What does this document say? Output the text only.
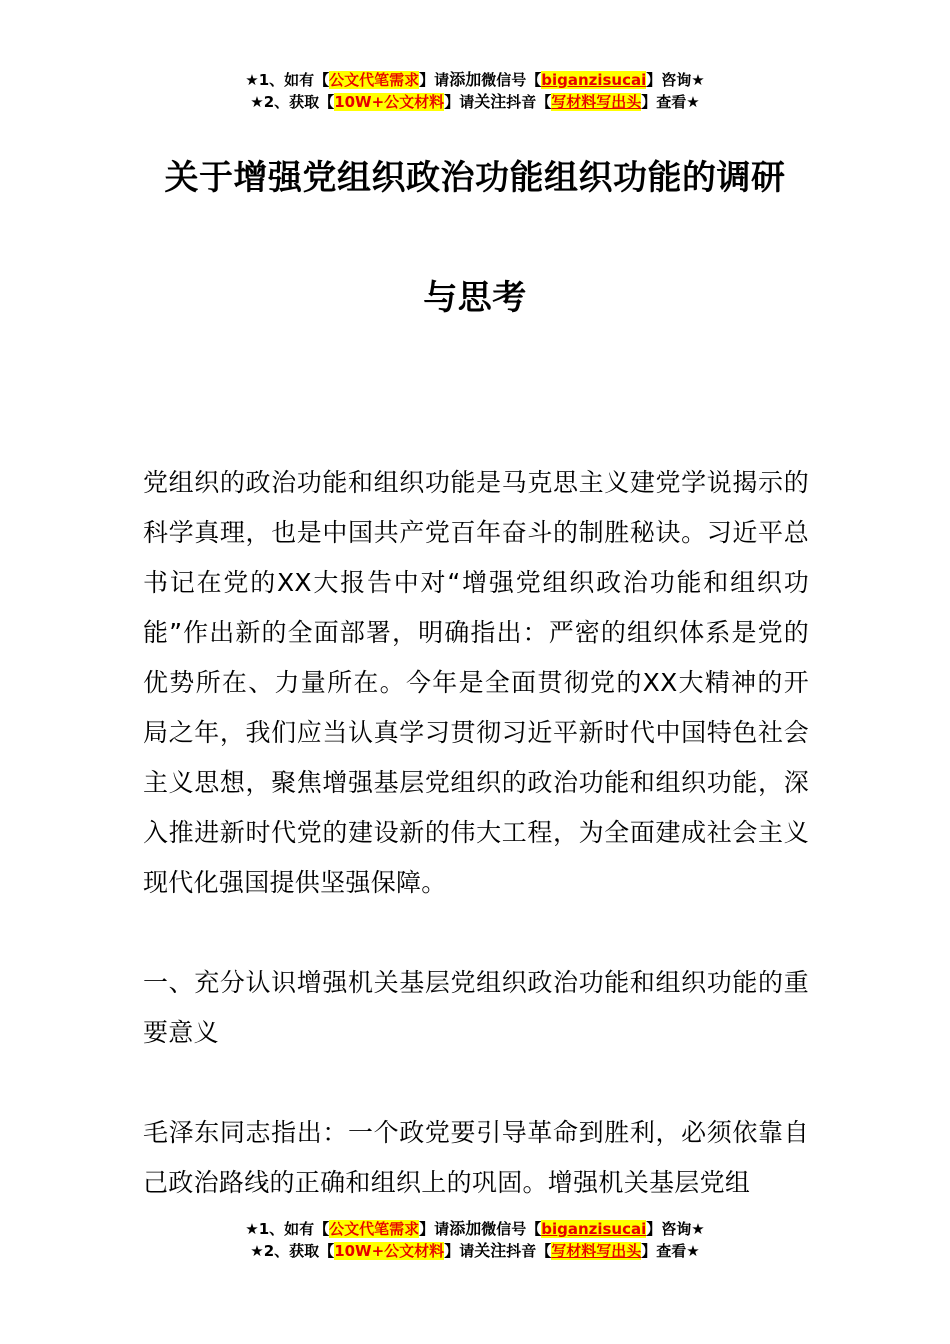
★1、如有【公文代笔需求】请添加微信号【biganzisucai】咨询★
★2、获取【10W+公文材料】请关注抖音【写材料写出头】查看★
关于增强党组织政治功能组织功能的调研
与思考

党组织的政治功能和组织功能是马克思主义建党学说揭示的科学真理，也是中国共产党百年奋斗的制胜秘诀。习近平总书记在党的XX大报告中对“增强党组织政治功能和组织功能”作出新的全面部署，明确指出：严密的组织体系是党的优势所在、力量所在。今年是全面贯彻党的XX大精神的开局之年，我们应当认真学习贯彻习近平新时代中国特色社会主义思想，聚焦增强基层党组织的政治功能和组织功能，深入推进新时代党的建设新的伟大工程，为全面建成社会主义现代化强国提供坚强保障。

一、充分认识增强机关基层党组织政治功能和组织功能的重要意义

毛泽东同志指出：一个政党要引导革命到胜利，必须依靠自己政治路线的正确和组织上的巩固。增强机关基层党组

★1、如有【公文代笔需求】请添加微信号【biganzisucai】咨询★
★2、获取【10W+公文材料】请关注抖音【写材料写出头】查看★
